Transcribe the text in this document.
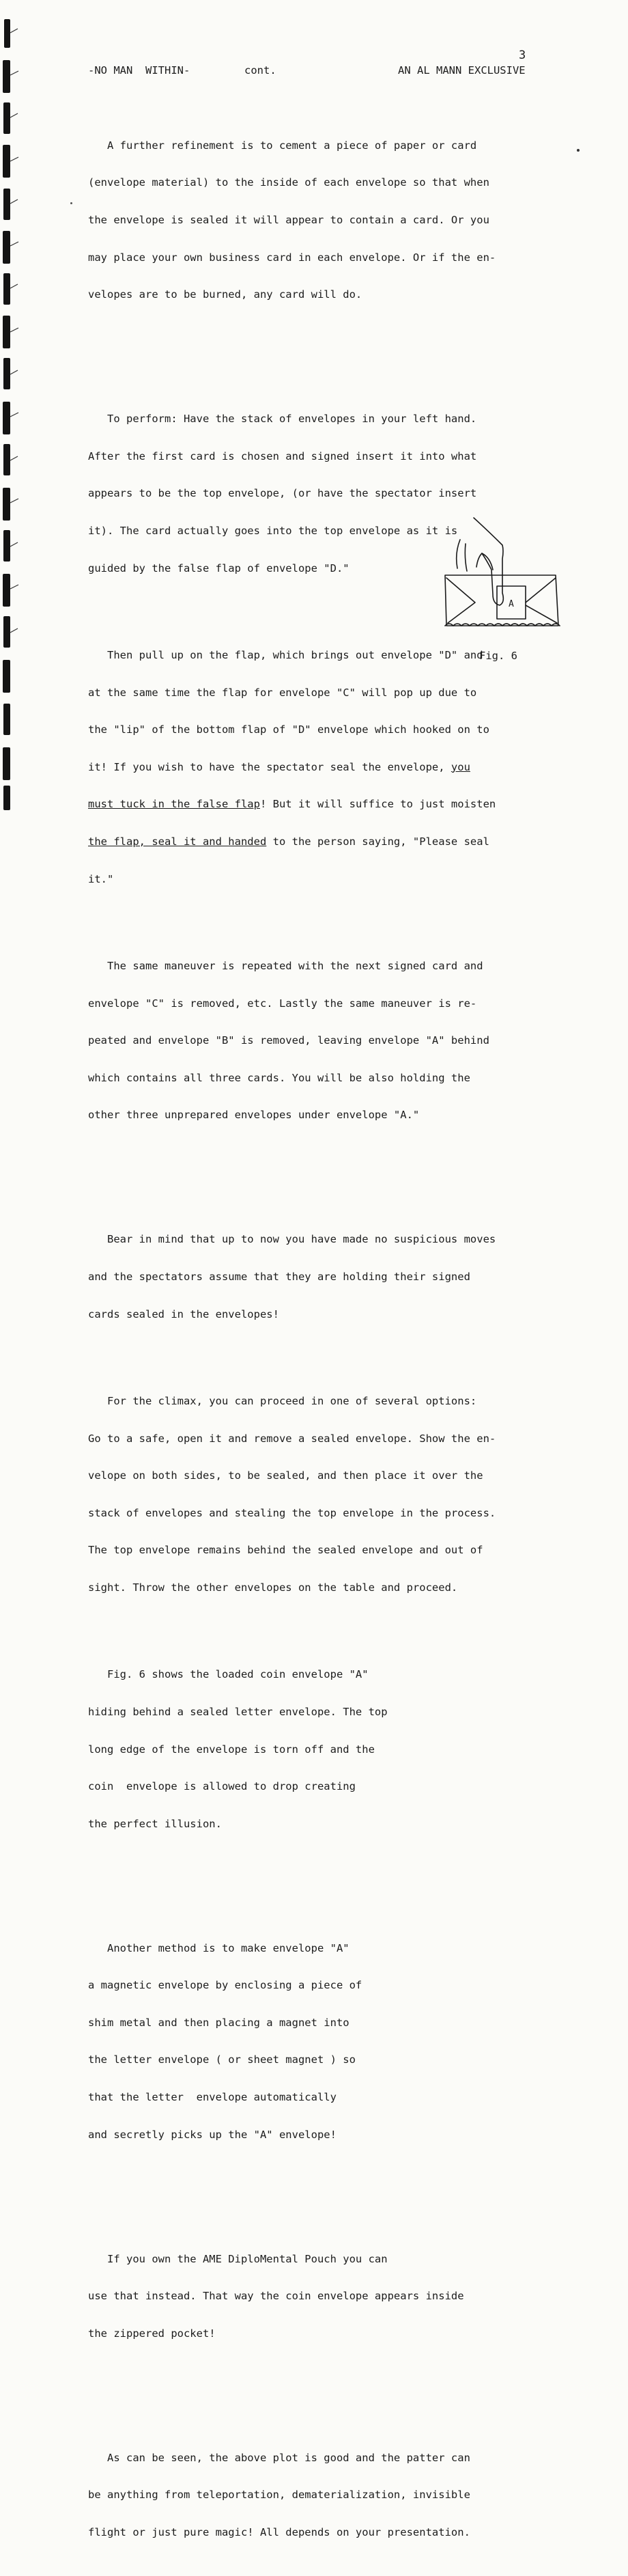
3
-NO MAN  WITHIN-	cont.	AN AL MANN EXCLUSIVE

A further refinement is to cement a piece of paper or card

(envelope material) to the inside of each envelope so that when

the envelope is sealed it will appear to contain a card. Or you

may place your own business card in each envelope. Or if the en-

velopes are to be burned, any card will do.

To perform: Have the stack of envelopes in your left hand.

After the first card is chosen and signed insert it into what

appears to be the top envelope, (or have the spectator insert

it). The card actually goes into the top envelope as it is

guided by the false flap of envelope "D."

Then pull up on the flap, which brings out envelope "D" and

at the same time the flap for envelope "C" will pop up due to

the "lip" of the bottom flap of "D" envelope which hooked on to

it! If you wish to have the spectator seal the envelope, you

must tuck in the false flap! But it will suffice to just moisten

the flap, seal it and handed to the person saying, "Please seal

it."

The same maneuver is repeated with the next signed card and

envelope "C" is removed, etc. Lastly the same maneuver is re-

peated and envelope "B" is removed, leaving envelope "A" behind

which contains all three cards. You will be also holding the

other three unprepared envelopes under envelope "A."

Bear in mind that up to now you have made no suspicious moves

and the spectators assume that they are holding their signed

cards sealed in the envelopes!

For the climax, you can proceed in one of several options:

Go to a safe, open it and remove a sealed envelope. Show the en-

velope on both sides, to be sealed, and then place it over the

stack of envelopes and stealing the top envelope in the process.

The top envelope remains behind the sealed envelope and out of

sight. Throw the other envelopes on the table and proceed.

Fig. 6 shows the loaded coin envelope "A"

hiding behind a sealed letter envelope. The top

long edge of the envelope is torn off and the

coin  envelope is allowed to drop creating

the perfect illusion.

Another method is to make envelope "A"

a magnetic envelope by enclosing a piece of

shim metal and then placing a magnet into

the letter envelope ( or sheet magnet ) so

that the letter  envelope automatically

and secretly picks up the "A" envelope!

If you own the AME DiploMental Pouch you can

use that instead. That way the coin envelope appears inside

the zippered pocket!

As can be seen, the above plot is good and the patter can

be anything from teleportation, dematerialization, invisible

flight or just pure magic! All depends on your presentation.

A
Fig. 6
